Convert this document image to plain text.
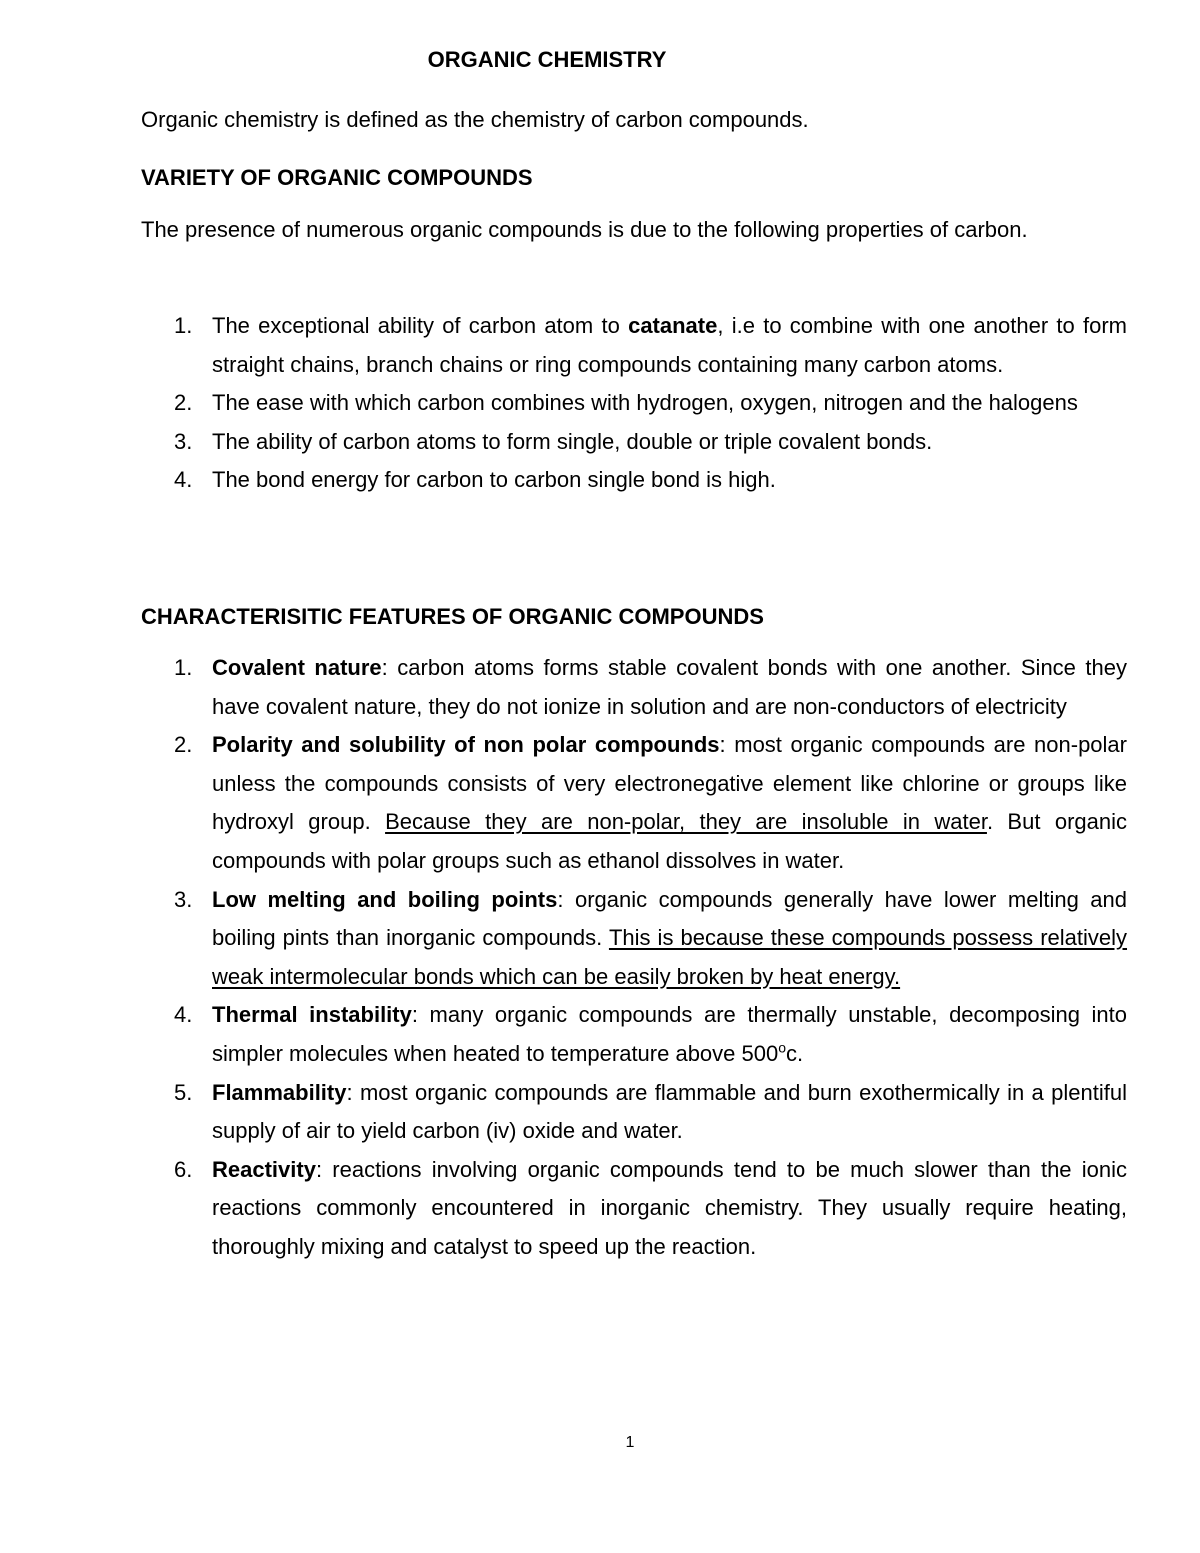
ORGANIC CHEMISTRY

Organic chemistry is defined as the chemistry of carbon compounds.

VARIETY OF ORGANIC COMPOUNDS

The presence of numerous organic compounds is due to the following properties of carbon.

1. The exceptional ability of carbon atom to catanate, i.e to combine with one another to form straight chains, branch chains or ring compounds containing many carbon atoms.
2. The ease with which carbon combines with hydrogen, oxygen, nitrogen and the halogens
3. The ability of carbon atoms to form single, double or triple covalent bonds.
4. The bond energy for carbon to carbon single bond is high.

CHARACTERISITIC FEATURES OF ORGANIC COMPOUNDS

1. Covalent nature: carbon atoms forms stable covalent bonds with one another. Since they have covalent nature, they do not ionize in solution and are non-conductors of electricity
2. Polarity and solubility of non polar compounds: most organic compounds are non-polar unless the compounds consists of very electronegative element like chlorine or groups like hydroxyl group. Because they are non-polar, they are insoluble in water. But organic compounds with polar groups such as ethanol dissolves in water.
3. Low melting and boiling points: organic compounds generally have lower melting and boiling pints than inorganic compounds. This is because these compounds possess relatively weak intermolecular bonds which can be easily broken by heat energy.
4. Thermal instability: many organic compounds are thermally unstable, decomposing into simpler molecules when heated to temperature above 500$^o$c.
5. Flammability: most organic compounds are flammable and burn exothermically in a plentiful supply of air to yield carbon (iv) oxide and water.
6. Reactivity: reactions involving organic compounds tend to be much slower than the ionic reactions commonly encountered in inorganic chemistry. They usually require heating, thoroughly mixing and catalyst to speed up the reaction.
1
